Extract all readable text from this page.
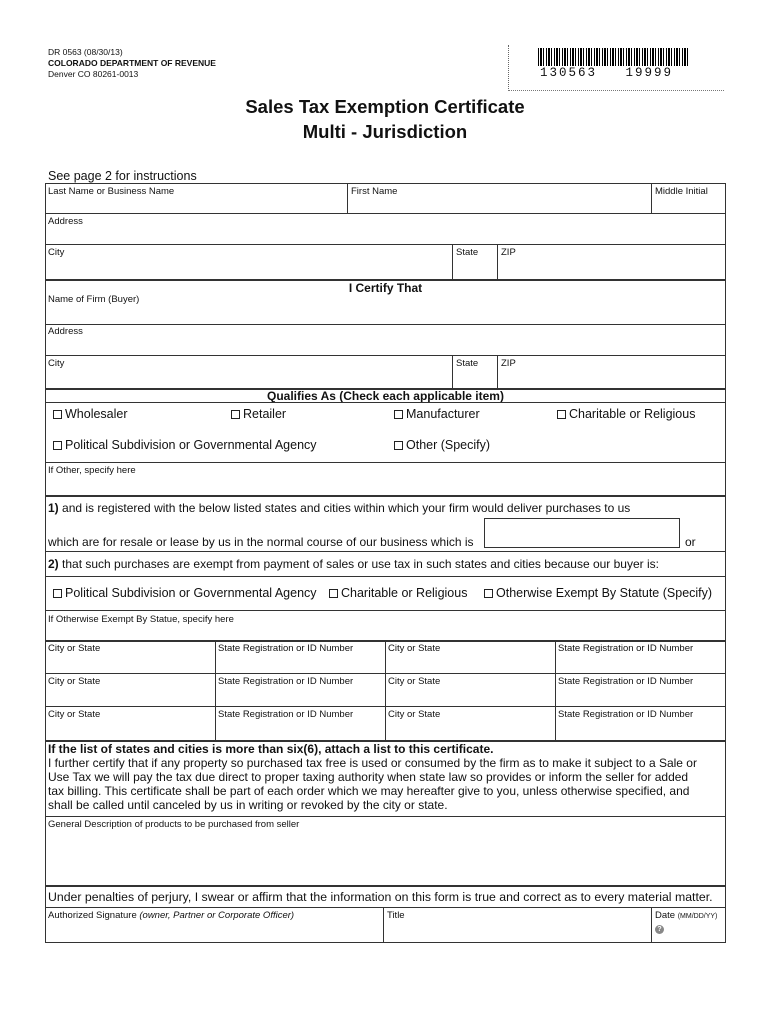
DR 0563 (08/30/13)
COLORADO DEPARTMENT OF REVENUE
Denver CO 80261-0013	130563   19999
Sales Tax Exemption Certificate
Multi - Jurisdiction
See page 2 for instructions
Last Name or Business Name	First Name	Middle Initial
Address
City	State ZIP
I Certify That
Name of Firm (Buyer)
Address
City	State ZIP
Qualifies As (Check each applicable item)
Wholesaler	Retailer	Manufacturer	Charitable or Religious
Political Subdivision or Governmental Agency	Other (Specify)
If Other, specify here
1) and is registered with the below listed states and cities within which your firm would deliver purchases to us
which are for resale or lease by us in the normal course of our business which is	or
2) that such purchases are exempt from payment of sales or use tax in such states and cities because our buyer is:
Political Subdivision or Governmental Agency	Charitable or Religious	Otherwise Exempt By Statute (Specify)
If Otherwise Exempt By Statue, specify here
City or State	State Registration or ID Number	City or State	State Registration or ID Number
City or State	State Registration or ID Number	City or State	State Registration or ID Number
City or State	State Registration or ID Number	City or State	State Registration or ID Number
If the list of states and cities is more than six(6), attach a list to this certificate.
I further certify that if any property so purchased tax free is used or consumed by the firm as to make it subject to a Sale or
Use Tax we will pay the tax due direct to proper taxing authority when state law so provides or inform the seller for added
tax billing. This certificate shall be part of each order which we may hereafter give to you, unless otherwise specified, and
shall be called until canceled by us in writing or revoked by the city or state.
General Description of products to be purchased from seller
Under penalties of perjury, I swear or affirm that the information on this form is true and correct as to every material matter.
Authorized Signature (owner, Partner or Corporate Officer)	Title	Date (MM/DD/YY)
?
